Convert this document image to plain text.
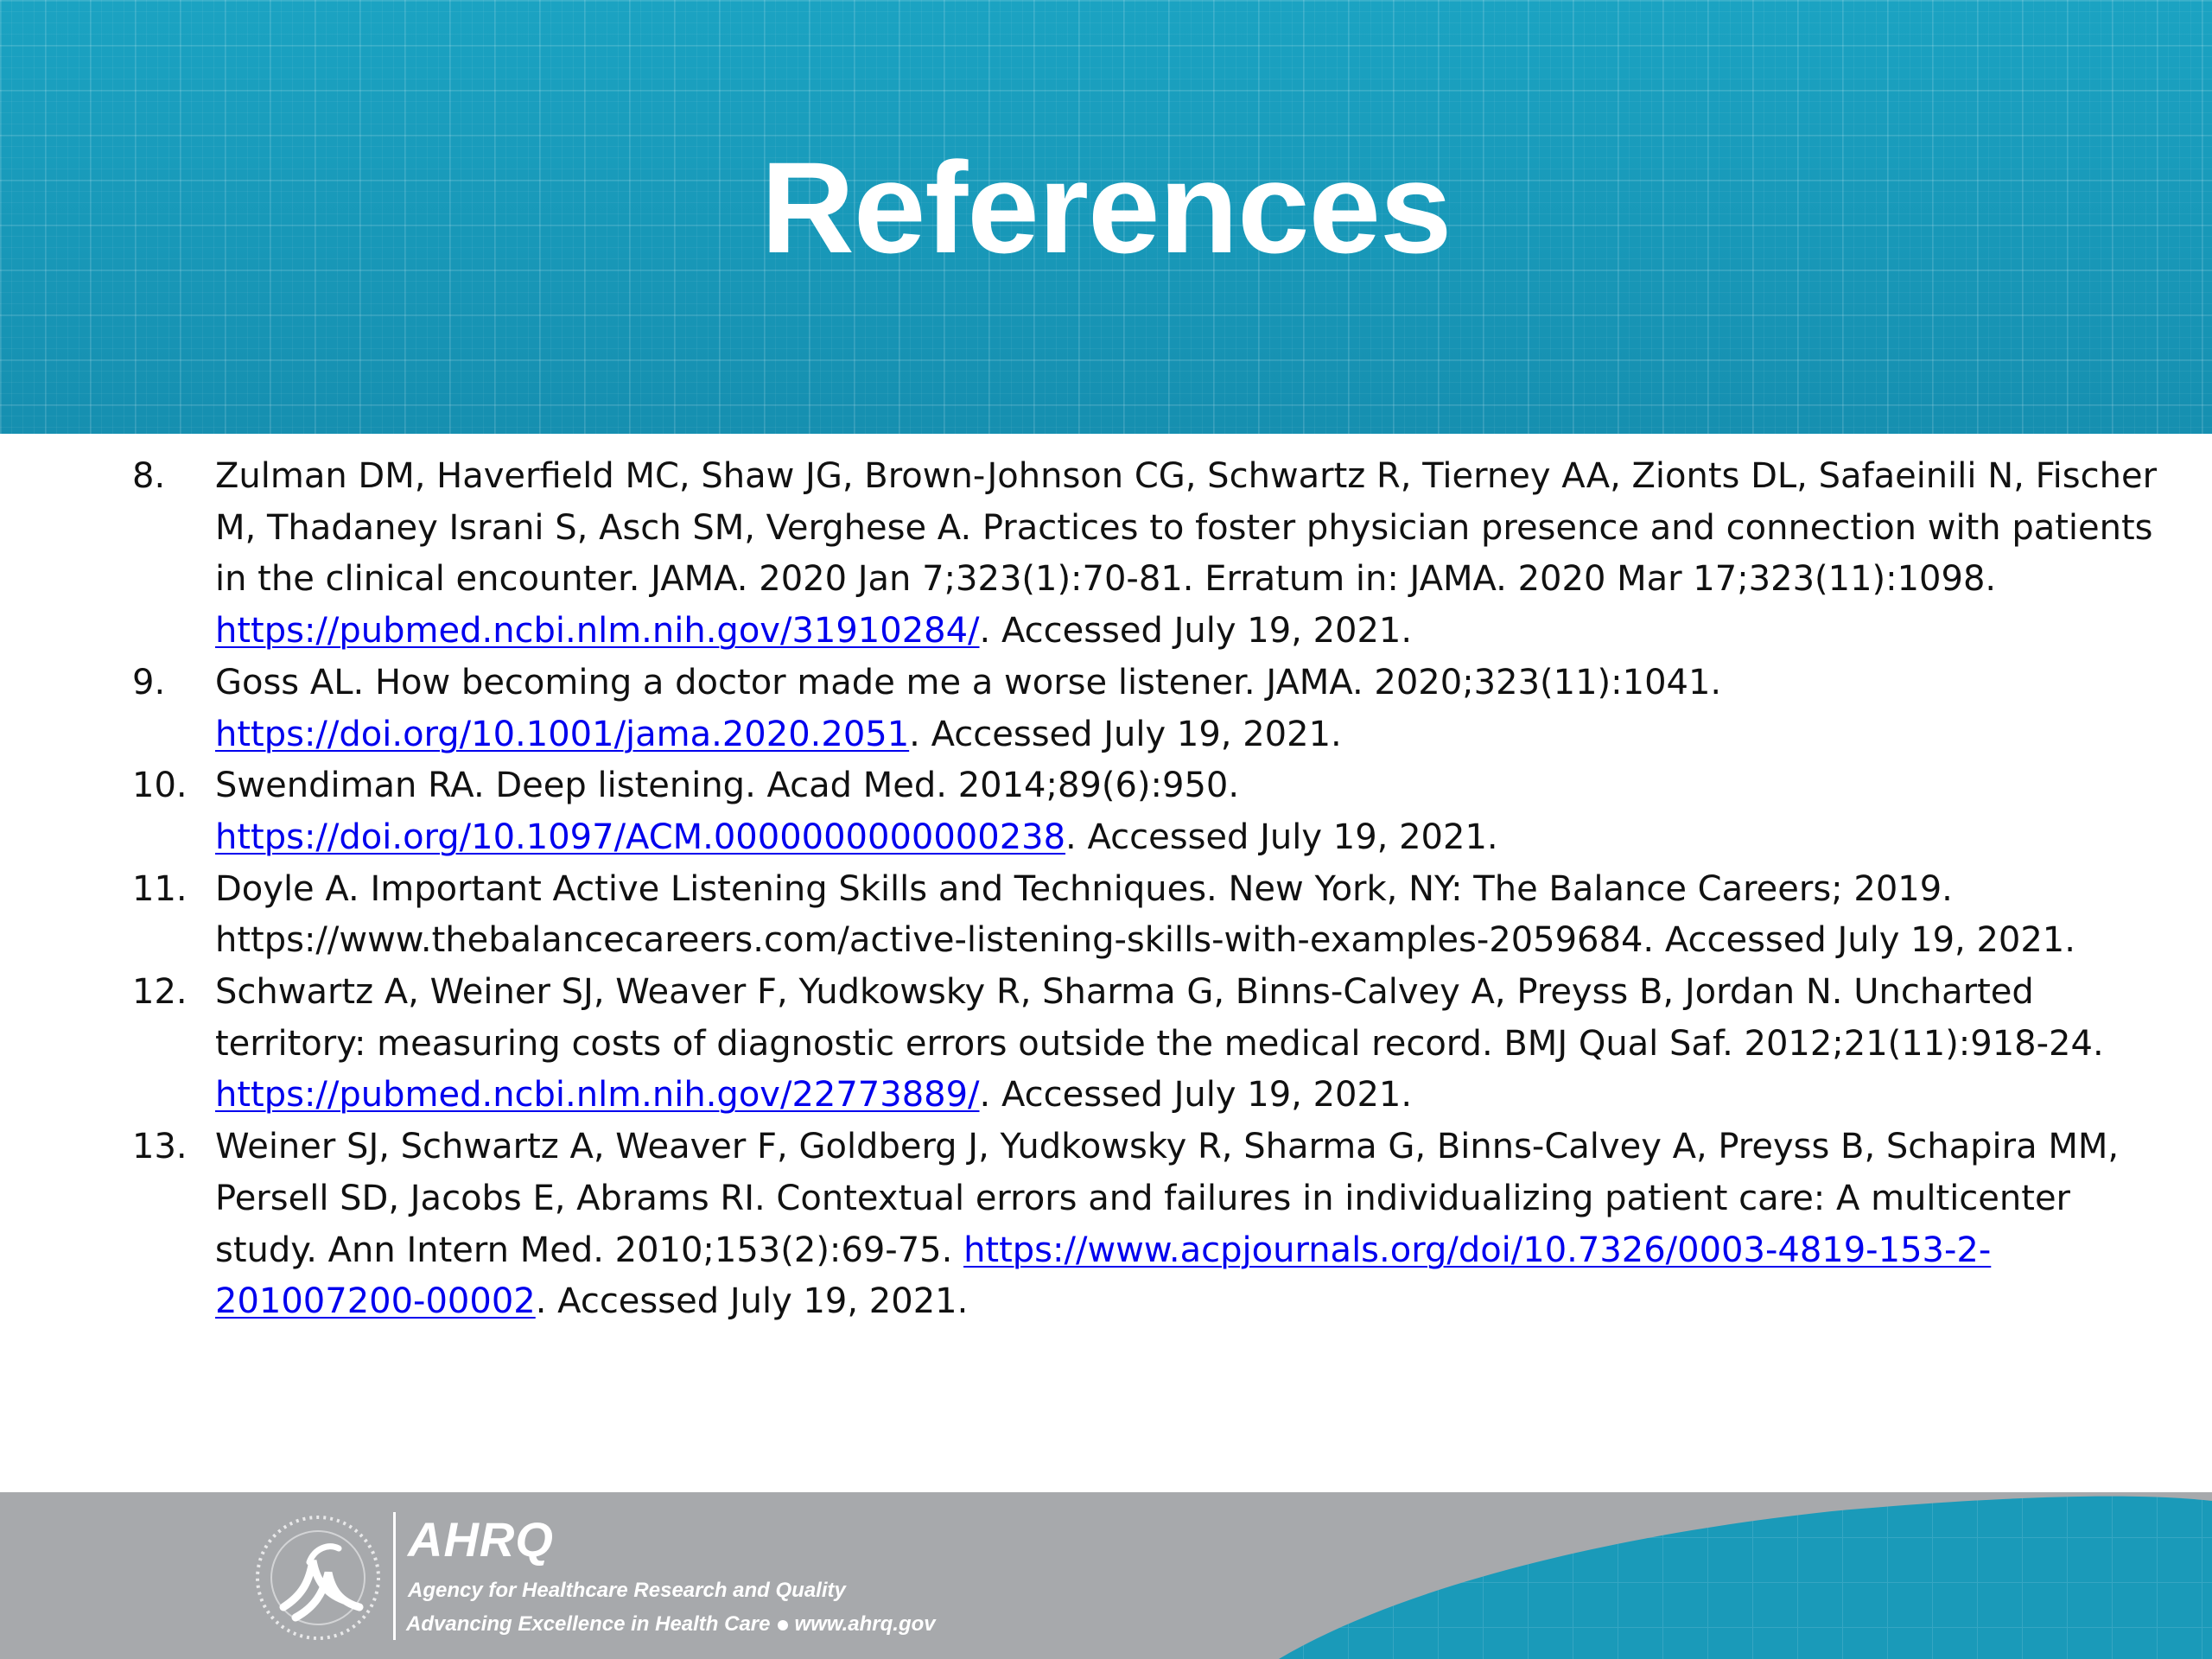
References
8. Zulman DM, Haverfield MC, Shaw JG, Brown-Johnson CG, Schwartz R, Tierney AA, Zionts DL, Safaeinili N, Fischer M, Thadaney Israni S, Asch SM, Verghese A. Practices to foster physician presence and connection with patients in the clinical encounter. JAMA. 2020 Jan 7;323(1):70-81. Erratum in: JAMA. 2020 Mar 17;323(11):1098. https://pubmed.ncbi.nlm.nih.gov/31910284/. Accessed July 19, 2021.
9. Goss AL. How becoming a doctor made me a worse listener. JAMA. 2020;323(11):1041.
https://doi.org/10.1001/jama.2020.2051. Accessed July 19, 2021.
10. Swendiman RA. Deep listening. Acad Med. 2014;89(6):950.
https://doi.org/10.1097/ACM.0000000000000238. Accessed July 19, 2021.
11. Doyle A. Important Active Listening Skills and Techniques. New York, NY: The Balance Careers; 2019. https://www.thebalancecareers.com/active-listening-skills-with-examples-2059684. Accessed July 19, 2021.
12. Schwartz A, Weiner SJ, Weaver F, Yudkowsky R, Sharma G, Binns-Calvey A, Preyss B, Jordan N. Uncharted territory: measuring costs of diagnostic errors outside the medical record. BMJ Qual Saf. 2012;21(11):918-24. https://pubmed.ncbi.nlm.nih.gov/22773889/. Accessed July 19, 2021.
13. Weiner SJ, Schwartz A, Weaver F, Goldberg J, Yudkowsky R, Sharma G, Binns-Calvey A, Preyss B, Schapira MM, Persell SD, Jacobs E, Abrams RI. Contextual errors and failures in individualizing patient care: A multicenter study. Ann Intern Med. 2010;153(2):69-75. https://www.acpjournals.org/doi/10.7326/0003-4819-153-2-201007200-00002. Accessed July 19, 2021.
AHRQ
Agency for Healthcare Research and Quality
Advancing Excellence in Health Care www.ahrq.gov
